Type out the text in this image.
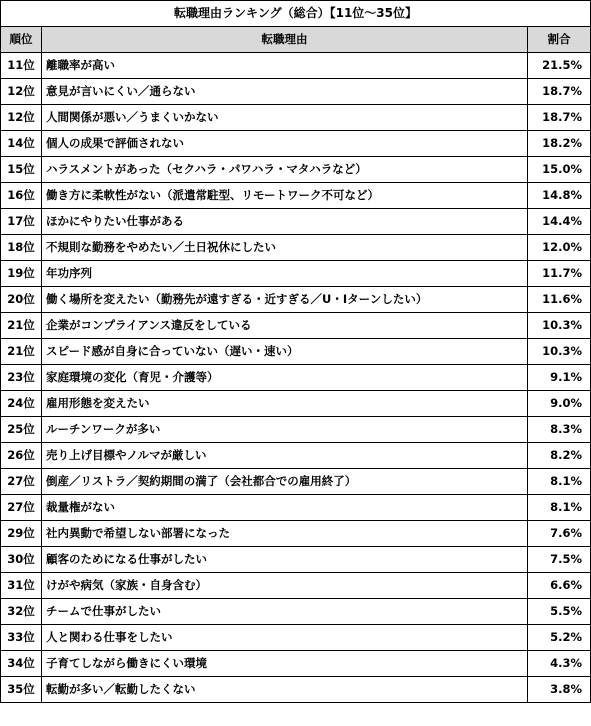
転職理由ランキング（総合）【11位～35位】		
順位	転職理由	割合
11位	離職率が高い	21.5%
12位	意見が言いにくい／通らない	18.7%
12位	人間関係が悪い／うまくいかない	18.7%
14位	個人の成果で評価されない	18.2%
15位	ハラスメントがあった（セクハラ・パワハラ・マタハラなど）	15.0%
16位	働き方に柔軟性がない（派遣常駐型、リモートワーク不可など）	14.8%
17位	ほかにやりたい仕事がある	14.4%
18位	不規則な勤務をやめたい／土日祝休にしたい	12.0%
19位	年功序列	11.7%
20位	働く場所を変えたい（勤務先が遠すぎる・近すぎる／U・Iターンしたい）	11.6%
21位	企業がコンプライアンス違反をしている	10.3%
21位	スピード感が自身に合っていない（遅い・速い）	10.3%
23位	家庭環境の変化（育児・介護等）	9.1%
24位	雇用形態を変えたい	9.0%
25位	ルーチンワークが多い	8.3%
26位	売り上げ目標やノルマが厳しい	8.2%
27位	倒産／リストラ／契約期間の満了（会社都合での雇用終了）	8.1%
27位	裁量権がない	8.1%
29位	社内異動で希望しない部署になった	7.6%
30位	顧客のためになる仕事がしたい	7.5%
31位	けがや病気（家族・自身含む）	6.6%
32位	チームで仕事がしたい	5.5%
33位	人と関わる仕事をしたい	5.2%
34位	子育てしながら働きにくい環境	4.3%
35位	転勤が多い／転勤したくない	3.8%
